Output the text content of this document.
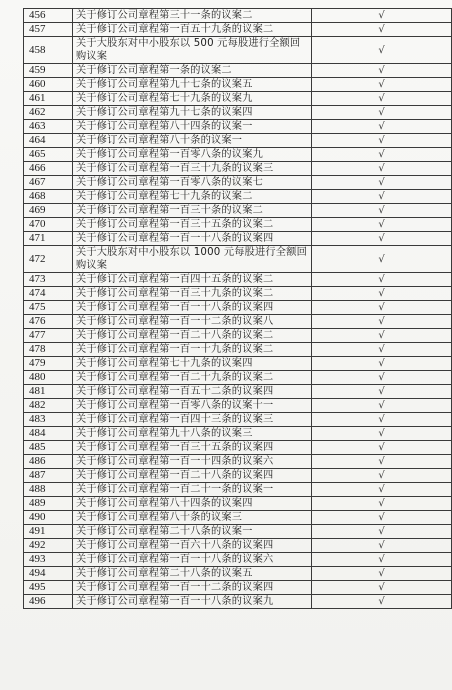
456	关于修订公司章程第三十一条的议案二	√
457	关于修订公司章程第一百五十九条的议案二	√
458	关于大股东对中小股东以 500 元每股进行全额回购议案	√
459	关于修订公司章程第一条的议案二	√
460	关于修订公司章程第九十七条的议案五	√
461	关于修订公司章程第七十九条的议案九	√
462	关于修订公司章程第九十七条的议案四	√
463	关于修订公司章程第八十四条的议案一	√
464	关于修订公司章程第八十条的议案一	√
465	关于修订公司章程第一百零八条的议案九	√
466	关于修订公司章程第一百三十九条的议案三	√
467	关于修订公司章程第一百零八条的议案七	√
468	关于修订公司章程第七十九条的议案二	√
469	关于修订公司章程第一百三十条的议案二	√
470	关于修订公司章程第一百三十五条的议案二	√
471	关于修订公司章程第一百一十八条的议案四	√
472	关于大股东对中小股东以 1000 元每股进行全额回购议案	√
473	关于修订公司章程第一百四十五条的议案二	√
474	关于修订公司章程第一百三十九条的议案二	√
475	关于修订公司章程第一百一十八条的议案四	√
476	关于修订公司章程第一百一十二条的议案八	√
477	关于修订公司章程第一百二十八条的议案二	√
478	关于修订公司章程第一百一十九条的议案二	√
479	关于修订公司章程第七十九条的议案四	√
480	关于修订公司章程第一百二十九条的议案二	√
481	关于修订公司章程第一百五十二条的议案四	√
482	关于修订公司章程第一百零八条的议案十一	√
483	关于修订公司章程第一百四十三条的议案三	√
484	关于修订公司章程第九十八条的议案三	√
485	关于修订公司章程第一百三十五条的议案四	√
486	关于修订公司章程第一百一十四条的议案六	√
487	关于修订公司章程第一百二十八条的议案四	√
488	关于修订公司章程第一百二十一条的议案一	√
489	关于修订公司章程第八十四条的议案四	√
490	关于修订公司章程第八十条的议案三	√
491	关于修订公司章程第二十八条的议案一	√
492	关于修订公司章程第一百六十八条的议案四	√
493	关于修订公司章程第一百一十八条的议案六	√
494	关于修订公司章程第二十八条的议案五	√
495	关于修订公司章程第一百一十二条的议案四	√
496	关于修订公司章程第一百一十八条的议案九	√
